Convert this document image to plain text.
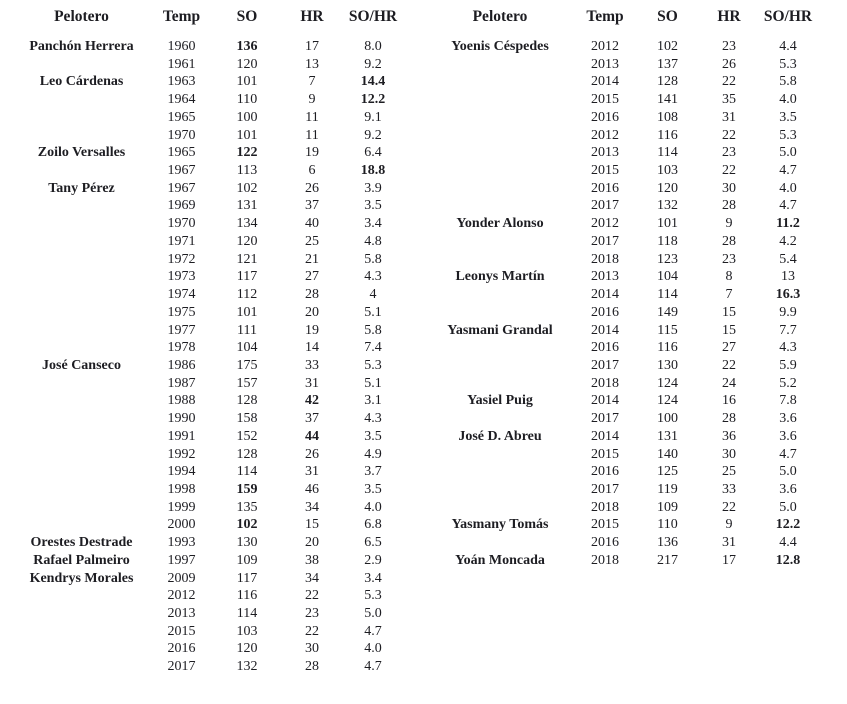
Pelotero	Temp	SO	HR	SO/HR
Panchón Herrera	1960	136	17	8.0
1961	120	13	9.2
Leo Cárdenas	1963	101	7	14.4
1964	110	9	12.2
1965	100	11	9.1
1970	101	11	9.2
Zoilo Versalles	1965	122	19	6.4
1967	113	6	18.8
Tany Pérez	1967	102	26	3.9
1969	131	37	3.5
1970	134	40	3.4
1971	120	25	4.8
1972	121	21	5.8
1973	117	27	4.3
1974	112	28	4
1975	101	20	5.1
1977	111	19	5.8
1978	104	14	7.4
José Canseco	1986	175	33	5.3
1987	157	31	5.1
1988	128	42	3.1
1990	158	37	4.3
1991	152	44	3.5
1992	128	26	4.9
1994	114	31	3.7
1998	159	46	3.5
1999	135	34	4.0
2000	102	15	6.8
Orestes Destrade	1993	130	20	6.5
Rafael Palmeiro	1997	109	38	2.9
Kendrys Morales	2009	117	34	3.4
2012	116	22	5.3
2013	114	23	5.0
2015	103	22	4.7
2016	120	30	4.0
2017	132	28	4.7
Pelotero	Temp	SO	HR	SO/HR
Yoenis Céspedes	2012	102	23	4.4
2013	137	26	5.3
2014	128	22	5.8
2015	141	35	4.0
2016	108	31	3.5
2012	116	22	5.3
2013	114	23	5.0
2015	103	22	4.7
2016	120	30	4.0
2017	132	28	4.7
Yonder Alonso	2012	101	9	11.2
2017	118	28	4.2
2018	123	23	5.4
Leonys Martín	2013	104	8	13
2014	114	7	16.3
2016	149	15	9.9
Yasmani Grandal	2014	115	15	7.7
2016	116	27	4.3
2017	130	22	5.9
2018	124	24	5.2
Yasiel Puig	2014	124	16	7.8
2017	100	28	3.6
José D. Abreu	2014	131	36	3.6
2015	140	30	4.7
2016	125	25	5.0
2017	119	33	3.6
2018	109	22	5.0
Yasmany Tomás	2015	110	9	12.2
2016	136	31	4.4
Yoán Moncada	2018	217	17	12.8
